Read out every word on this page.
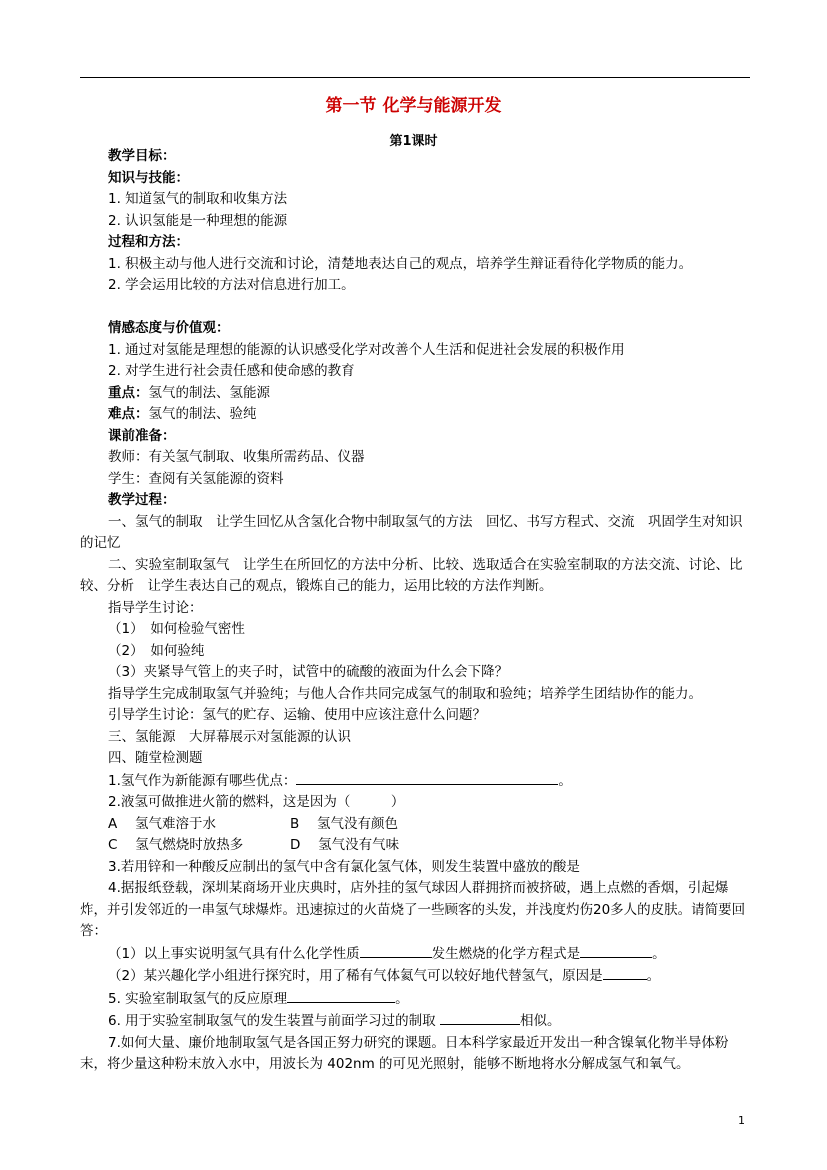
第一节 化学与能源开发
第1课时

教学目标：

知识与技能：

1. 知道氢气的制取和收集方法

2. 认识氢能是一种理想的能源

过程和方法：

1. 积极主动与他人进行交流和讨论，清楚地表达自己的观点，培养学生辩证看待化学物质的能力。

2. 学会运用比较的方法对信息进行加工。

情感态度与价值观：

1. 通过对氢能是理想的能源的认识感受化学对改善个人生活和促进社会发展的积极作用

2. 对学生进行社会责任感和使命感的教育

重点：氢气的制法、氢能源

难点：氢气的制法、验纯

课前准备：

教师：有关氢气制取、收集所需药品、仪器

学生：查阅有关氢能源的资料

教学过程：

一、氢气的制取　让学生回忆从含氢化合物中制取氢气的方法　回忆、书写方程式、交流　巩固学生对知识的记忆

二、实验室制取氢气　让学生在所回忆的方法中分析、比较、选取适合在实验室制取的方法交流、讨论、比较、分析　让学生表达自己的观点，锻炼自己的能力，运用比较的方法作判断。

指导学生讨论：

（1）　如何检验气密性

（2）　如何验纯

（3）夹紧导气管上的夹子时，试管中的硫酸的液面为什么会下降？

指导学生完成制取氢气并验纯；与他人合作共同完成氢气的制取和验纯；培养学生团结协作的能力。

引导学生讨论：氢气的贮存、运输、使用中应该注意什么问题？

三、氢能源　大屏幕展示对氢能源的认识

四、随堂检测题

1.氢气作为新能源有哪些优点：	。

2.液氢可做推进火箭的燃料，这是因为（　　　）

A　 氢气难溶于水	B　 氢气没有颜色

C　 氢气燃烧时放热多	D　 氢气没有气味

3.若用锌和一种酸反应制出的氢气中含有氯化氢气体，则发生装置中盛放的酸是

4.据报纸登载，深圳某商场开业庆典时，店外挂的氢气球因人群拥挤而被挤破，遇上点燃的香烟，引起爆炸，并引发邻近的一串氢气球爆炸。迅速掠过的火苗烧了一些顾客的头发，并浅度灼伤20多人的皮肤。请简要回答：

（1）以上事实说明氢气具有什么化学性质	发生燃烧的化学方程式是	。

（2）某兴趣化学小组进行探究时，用了稀有气体氦气可以较好地代替氢气，原因是	。

5. 实验室制取氢气的反应原理	。

6. 用于实验室制取氢气的发生装置与前面学习过的制取	相似。

7.如何大量、廉价地制取氢气是各国正努力研究的课题。日本科学家最近开发出一种含镍氧化物半导体粉末，将少量这种粉末放入水中，用波长为 402nm 的可见光照射，能够不断地将水分解成氢气和氧气。

1
